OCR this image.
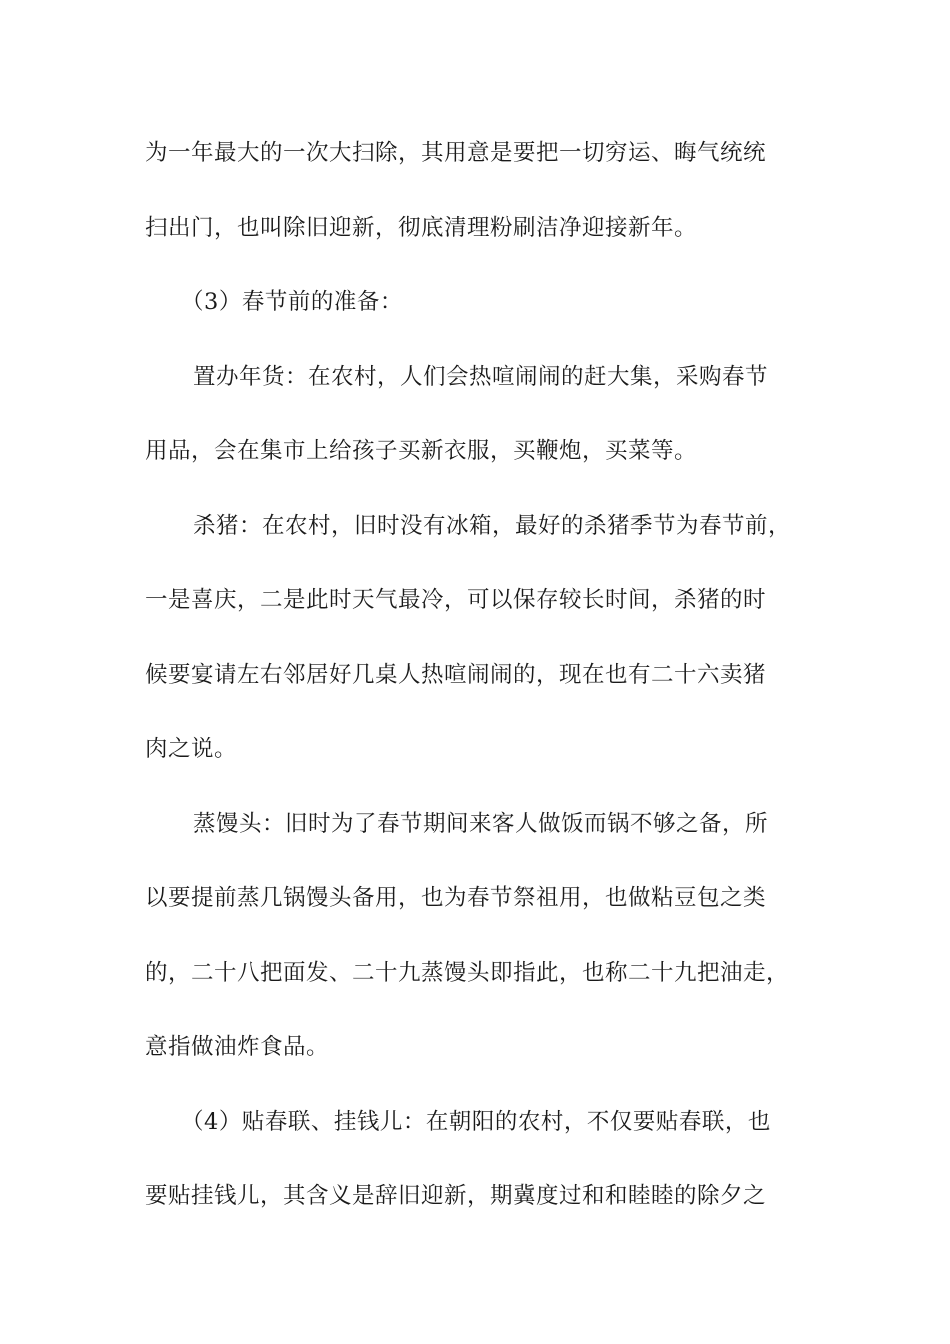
为一年最大的一次大扫除，其用意是要把一切穷运、晦气统统
扫出门，也叫除旧迎新，彻底清理粉刷洁净迎接新年。
（3）春节前的准备：
置办年货：在农村，人们会热喧闹闹的赶大集，采购春节
用品，会在集市上给孩子买新衣服，买鞭炮，买菜等。
杀猪：在农村，旧时没有冰箱，最好的杀猪季节为春节前，
一是喜庆，二是此时天气最冷，可以保存较长时间，杀猪的时
候要宴请左右邻居好几桌人热喧闹闹的，现在也有二十六卖猪
肉之说。
蒸馒头：旧时为了春节期间来客人做饭而锅不够之备，所
以要提前蒸几锅馒头备用，也为春节祭祖用，也做粘豆包之类
的，二十八把面发、二十九蒸馒头即指此，也称二十九把油走，
意指做油炸食品。
（4）贴春联、挂钱儿：在朝阳的农村，不仅要贴春联，也
要贴挂钱儿，其含义是辞旧迎新，期冀度过和和睦睦的除夕之
